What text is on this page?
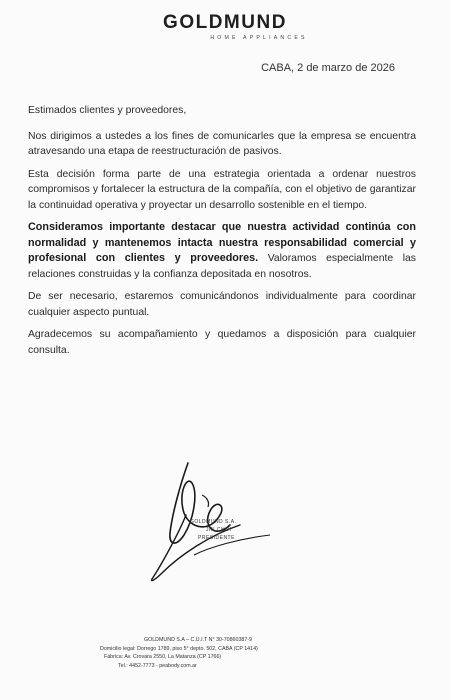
GOLDMUND
HOME APPLIANCES
CABA, 2 de marzo de 2026

Estimados clientes y proveedores,

Nos dirigimos a ustedes a los fines de comunicarles que la empresa se encuentra atravesando una etapa de reestructuración de pasivos.

Esta decisión forma parte de una estrategia orientada a ordenar nuestros compromisos y fortalecer la estructura de la compañía, con el objetivo de garantizar la continuidad operativa y proyectar un desarrollo sostenible en el tiempo.

Consideramos importante destacar que nuestra actividad continúa con normalidad y mantenemos intacta nuestra responsabilidad comercial y profesional con clientes y proveedores. Valoramos especialmente las relaciones construidas y la confianza depositada en nosotros.

De ser necesario, estaremos comunicándonos individualmente para coordinar cualquier aspecto puntual.

Agradecemos su acompañamiento y quedamos a disposición para cualquier consulta.

GOLDMUND S.A.
JIN CHOI
PRESIDENTE
GOLDMUND S.A – C.U.I.T N° 30-70860387-9
Domicilio legal: Dorrego 1789, piso 5° depto. 502, CABA (CP 1414)
Fábrica: Av. Crovara 2550, La Matanza (CP 1766)
Tel.: 4452-7773 - peabody.com.ar
